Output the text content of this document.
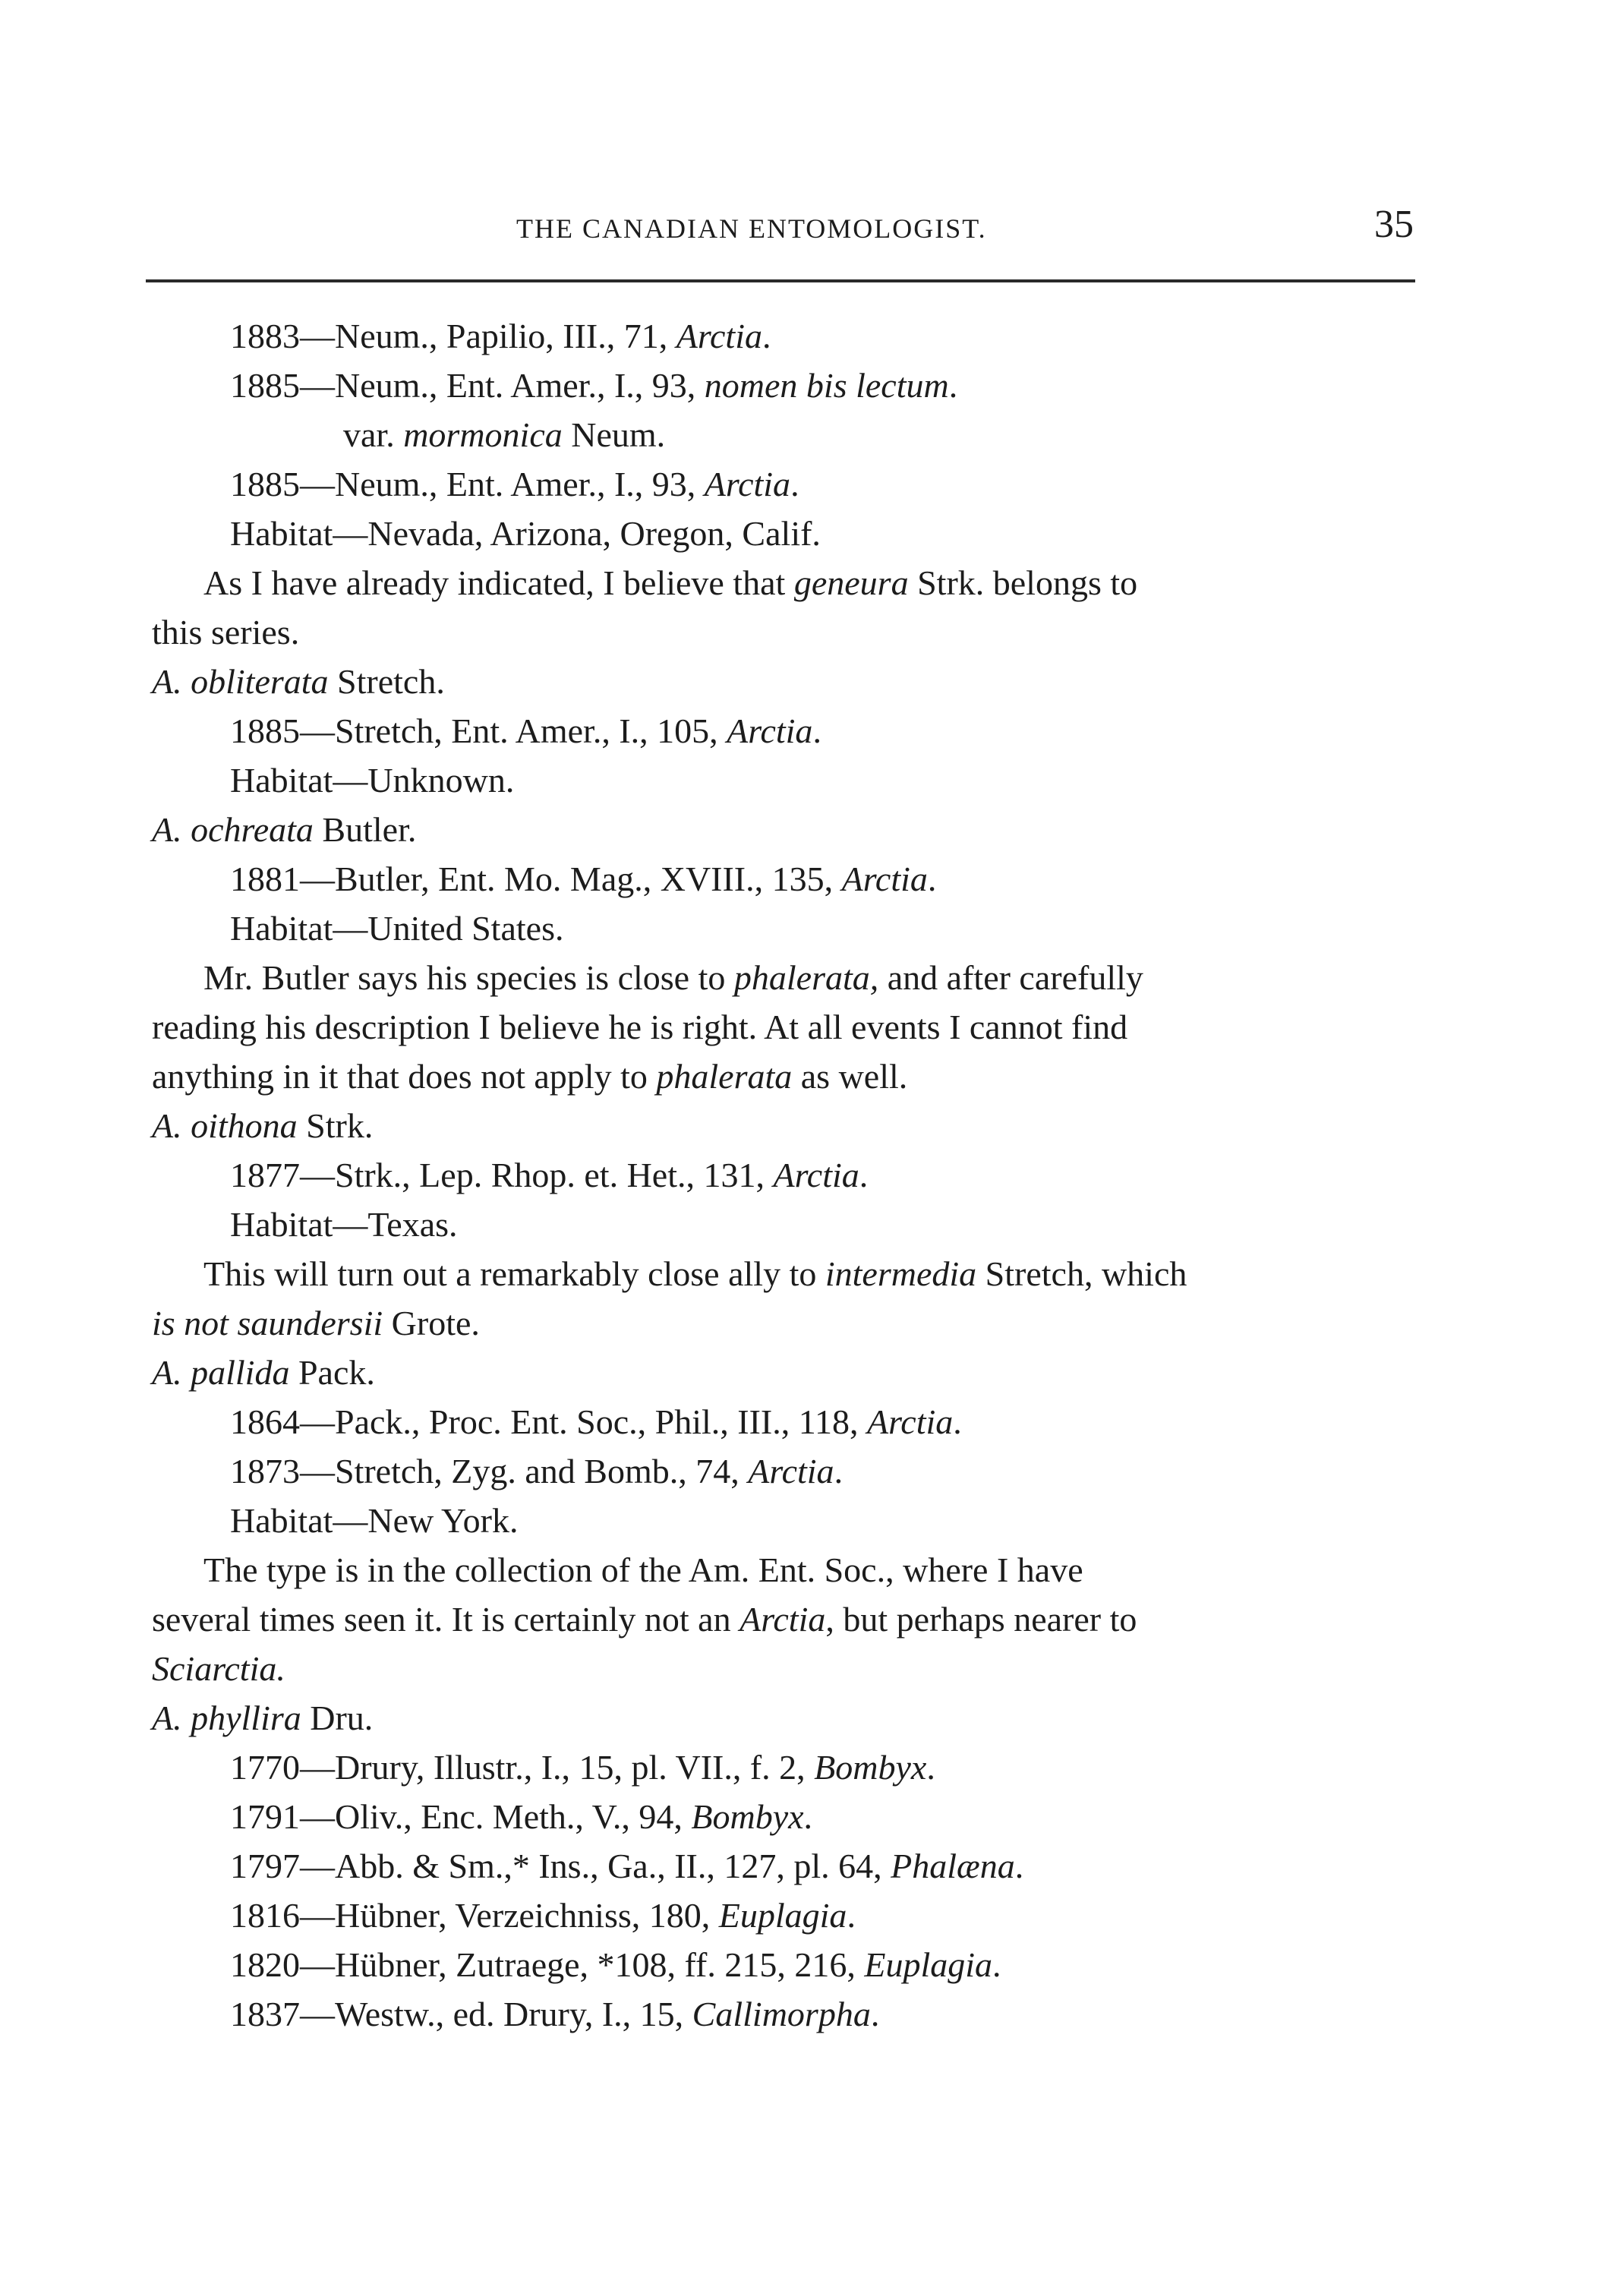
THE CANADIAN ENTOMOLOGIST.	35
1883—Neum., Papilio, III., 71, Arctia.
1885—Neum., Ent. Amer., I., 93, nomen bis lectum.
var. mormonica Neum.
1885—Neum., Ent. Amer., I., 93, Arctia.
Habitat—Nevada, Arizona, Oregon, Calif.
As I have already indicated, I believe that geneura Strk. belongs to
this series.
A. obliterata Stretch.
1885—Stretch, Ent. Amer., I., 105, Arctia.
Habitat—Unknown.
A. ochreata Butler.
1881—Butler, Ent. Mo. Mag., XVIII., 135, Arctia.
Habitat—United States.
Mr. Butler says his species is close to phalerata, and after carefully
reading his description I believe he is right. At all events I cannot find
anything in it that does not apply to phalerata as well.
A. oithona Strk.
1877—Strk., Lep. Rhop. et. Het., 131, Arctia.
Habitat—Texas.
This will turn out a remarkably close ally to intermedia Stretch, which
is not saundersii Grote.
A. pallida Pack.
1864—Pack., Proc. Ent. Soc., Phil., III., 118, Arctia.
1873—Stretch, Zyg. and Bomb., 74, Arctia.
Habitat—New York.
The type is in the collection of the Am. Ent. Soc., where I have
several times seen it. It is certainly not an Arctia, but perhaps nearer to
Sciarctia.
A. phyllira Dru.
1770—Drury, Illustr., I., 15, pl. VII., f. 2, Bombyx.
1791—Oliv., Enc. Meth., V., 94, Bombyx.
1797—Abb. & Sm.,* Ins., Ga., II., 127, pl. 64, Phalæna.
1816—Hübner, Verzeichniss, 180, Euplagia.
1820—Hübner, Zutraege, *108, ff. 215, 216, Euplagia.
1837—Westw., ed. Drury, I., 15, Callimorpha.
